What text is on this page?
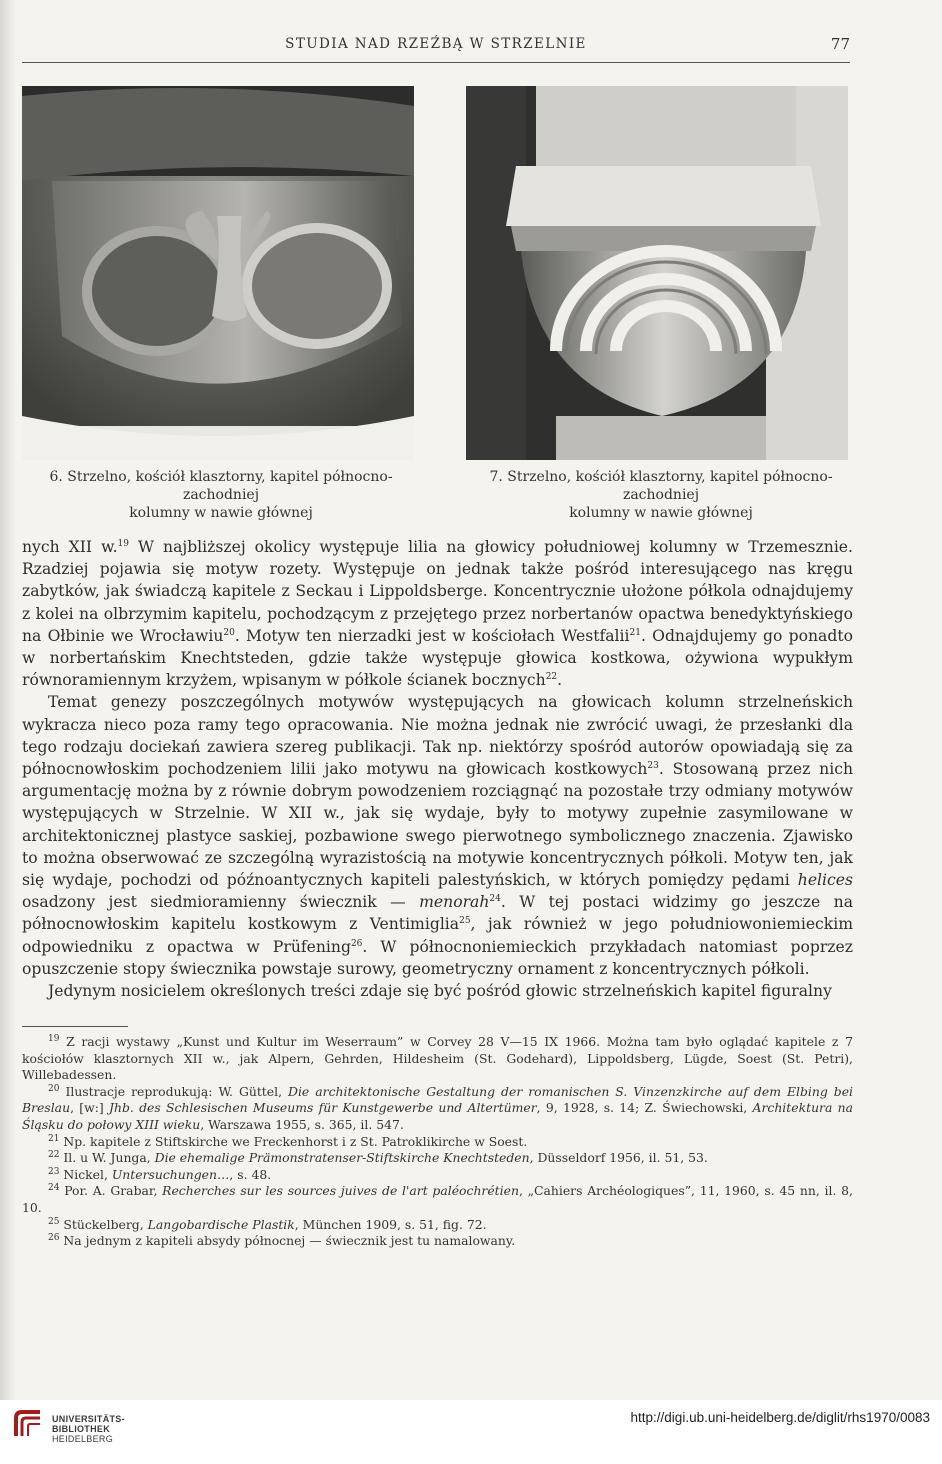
STUDIA NAD RZEŹBĄ W STRZELNIE	77
6. Strzelno, kościół klasztorny, kapitel północno-zachodniej
kolumny w nawie głównej
7. Strzelno, kościół klasztorny, kapitel północno-zachodniej
kolumny w nawie głównej

nych XII w.$^{19}$ W najbliższej okolicy występuje lilia na głowicy południowej kolumny w Trzemesznie. Rzadziej pojawia się motyw rozety. Występuje on jednak także pośród interesującego nas kręgu zabytków, jak świadczą kapitele z Seckau i Lippoldsberge. Koncentrycznie ułożone półkola odnajdujemy z kolei na olbrzymim kapitelu, pochodzącym z przejętego przez norbertanów opactwa benedyktyńskiego na Ołbinie we Wrocławiu$^{20}$. Motyw ten nierzadki jest w kościołach Westfalii$^{21}$. Odnajdujemy go ponadto w norbertańskim Knechtsteden, gdzie także występuje głowica kostkowa, ożywiona wypukłym równoramiennym krzyżem, wpisanym w półkole ścianek bocznych$^{22}$.

Temat genezy poszczególnych motywów występujących na głowicach kolumn strzelneńskich wykracza nieco poza ramy tego opracowania. Nie można jednak nie zwrócić uwagi, że przesłanki dla tego rodzaju dociekań zawiera szereg publikacji. Tak np. niektórzy spośród autorów opowiadają się za północnowłoskim pochodzeniem lilii jako motywu na głowicach kostkowych$^{23}$. Stosowaną przez nich argumentację można by z równie dobrym powodzeniem rozciągnąć na pozostałe trzy odmiany motywów występujących w Strzelnie. W XII w., jak się wydaje, były to motywy zupełnie zasymilowane w architektonicznej plastyce saskiej, pozbawione swego pierwotnego symbolicznego znaczenia. Zjawisko to można obserwować ze szczególną wyrazistością na motywie koncentrycznych półkoli. Motyw ten, jak się wydaje, pochodzi od późnoantycznych kapiteli palestyńskich, w których pomiędzy pędami helices osadzony jest siedmioramienny świecznik — menorah$^{24}$. W tej postaci widzimy go jeszcze na północnowłoskim kapitelu kostkowym z Ventimiglia$^{25}$, jak również w jego południowoniemieckim odpowiedniku z opactwa w Prüfening$^{26}$. W północnoniemieckich przykładach natomiast poprzez opuszczenie stopy świecznika powstaje surowy, geometryczny ornament z koncentrycznych półkoli.

Jedynym nosicielem określonych treści zdaje się być pośród głowic strzelneńskich kapitel figuralny

$^{19}$ Z racji wystawy „Kunst und Kultur im Weserraum” w Corvey 28 V—15 IX 1966. Można tam było oglądać kapitele z 7 kościołów klasztornych XII w., jak Alpern, Gehrden, Hildesheim (St. Godehard), Lippoldsberg, Lügde, Soest (St. Petri), Willebadessen.

$^{20}$ Ilustracje reprodukują: W. Güttel, Die architektonische Gestaltung der romanischen S. Vinzenzkirche auf dem Elbing bei Breslau, [w:] Jhb. des Schlesischen Museums für Kunstgewerbe und Altertümer, 9, 1928, s. 14; Z. Świechowski, Architektura na Śląsku do połowy XIII wieku, Warszawa 1955, s. 365, il. 547.

$^{21}$ Np. kapitele z Stiftskirche we Freckenhorst i z St. Patroklikirche w Soest.

$^{22}$ Il. u W. Junga, Die ehemalige Prämonstratenser-Stiftskirche Knechtsteden, Düsseldorf 1956, il. 51, 53.

$^{23}$ Nickel, Untersuchungen…, s. 48.

$^{24}$ Por. A. Grabar, Recherches sur les sources juives de l'art paléochrétien, „Cahiers Archéologiques”, 11, 1960, s. 45 nn, il. 8, 10.

$^{25}$ Stückelberg, Langobardische Plastik, München 1909, s. 51, fig. 72.

$^{26}$ Na jednym z kapiteli absydy północnej — świecznik jest tu namalowany.

UNIVERSITÄTS-
BIBLIOTHEK
HEIDELBERG
http://digi.ub.uni-heidelberg.de/diglit/rhs1970/0083
